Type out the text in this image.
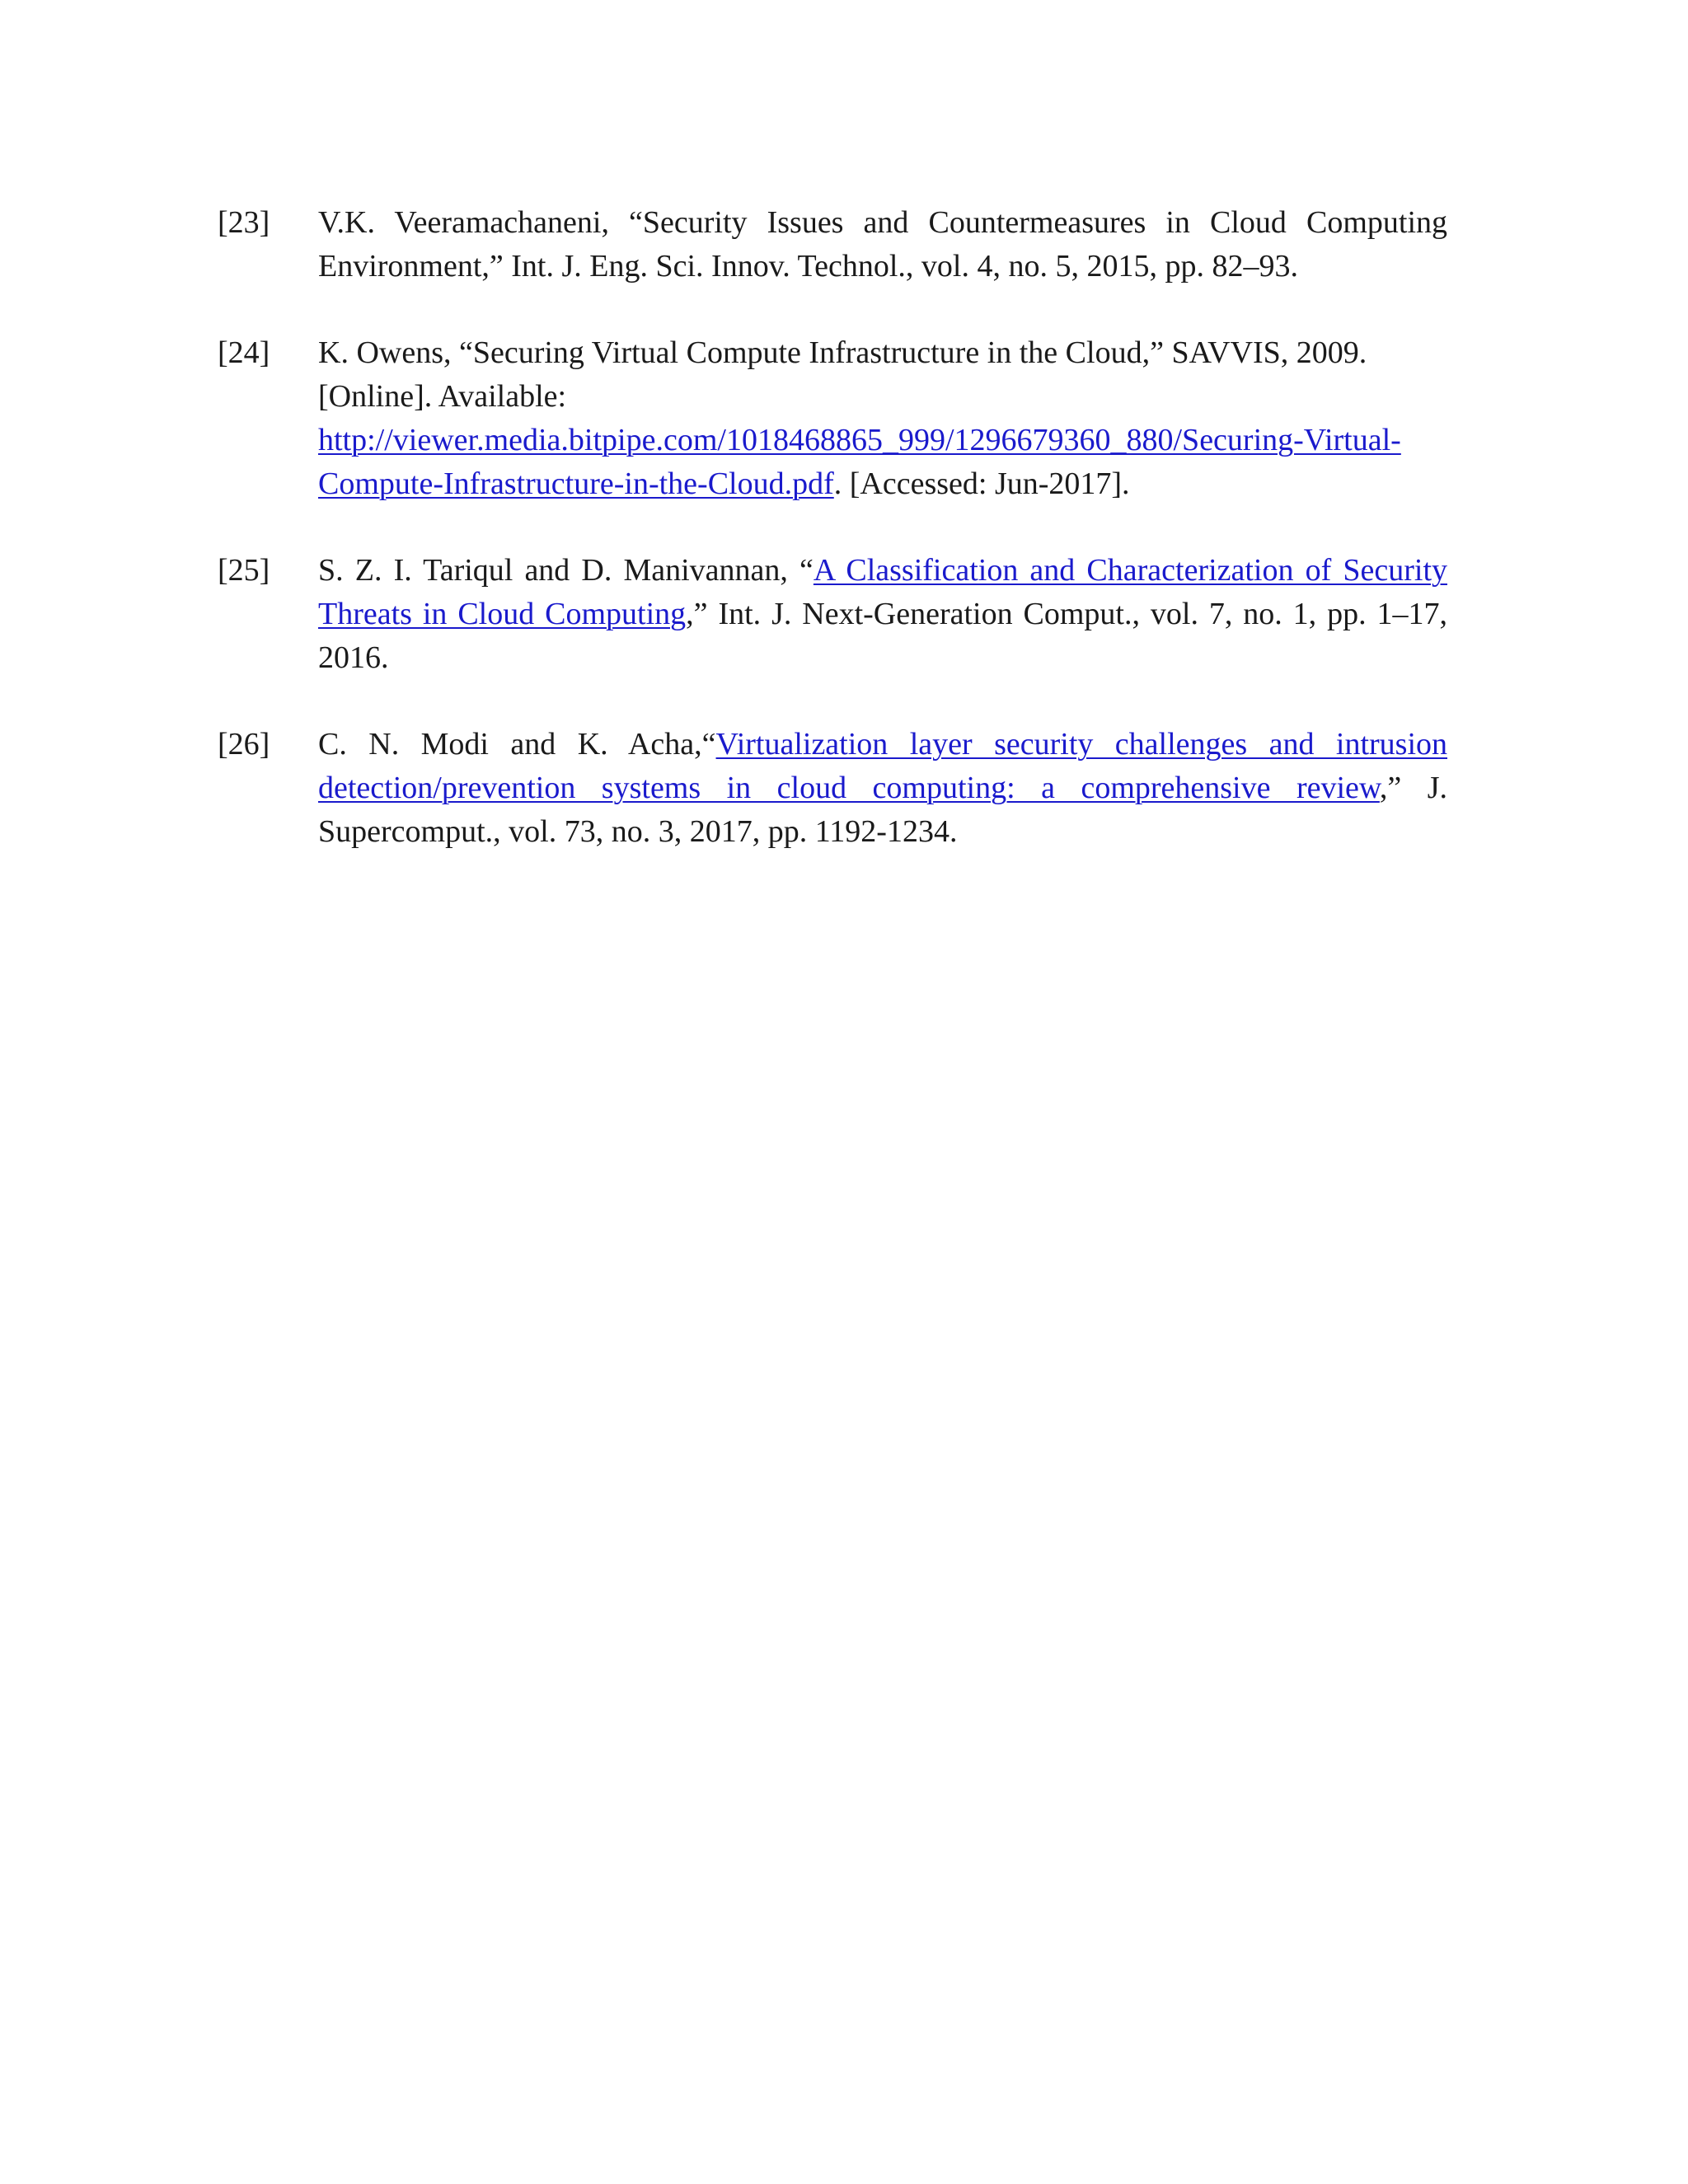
[23]	V.K. Veeramachaneni, “Security Issues and Countermeasures in Cloud Computing Environment,” Int. J. Eng. Sci. Innov. Technol., vol. 4, no. 5, 2015, pp. 82–93.
[24]	K. Owens, “Securing Virtual Compute Infrastructure in the Cloud,” SAVVIS, 2009.[Online]. Available: http://viewer.media.bitpipe.com/1018468865_999/1296679360_880/Securing-Virtual-Compute-Infrastructure-in-the-Cloud.pdf. [Accessed: Jun-2017].
[25]	S. Z. I. Tariqul and D. Manivannan, “A Classification and Characterization of Security Threats in Cloud Computing,” Int. J. Next-Generation Comput., vol. 7, no. 1, pp. 1–17, 2016.
[26]	C. N. Modi and K. Acha,“Virtualization layer security challenges and intrusion detection/prevention systems in cloud computing: a comprehensive review,” J. Supercomput., vol. 73, no. 3, 2017, pp. 1192-1234.
